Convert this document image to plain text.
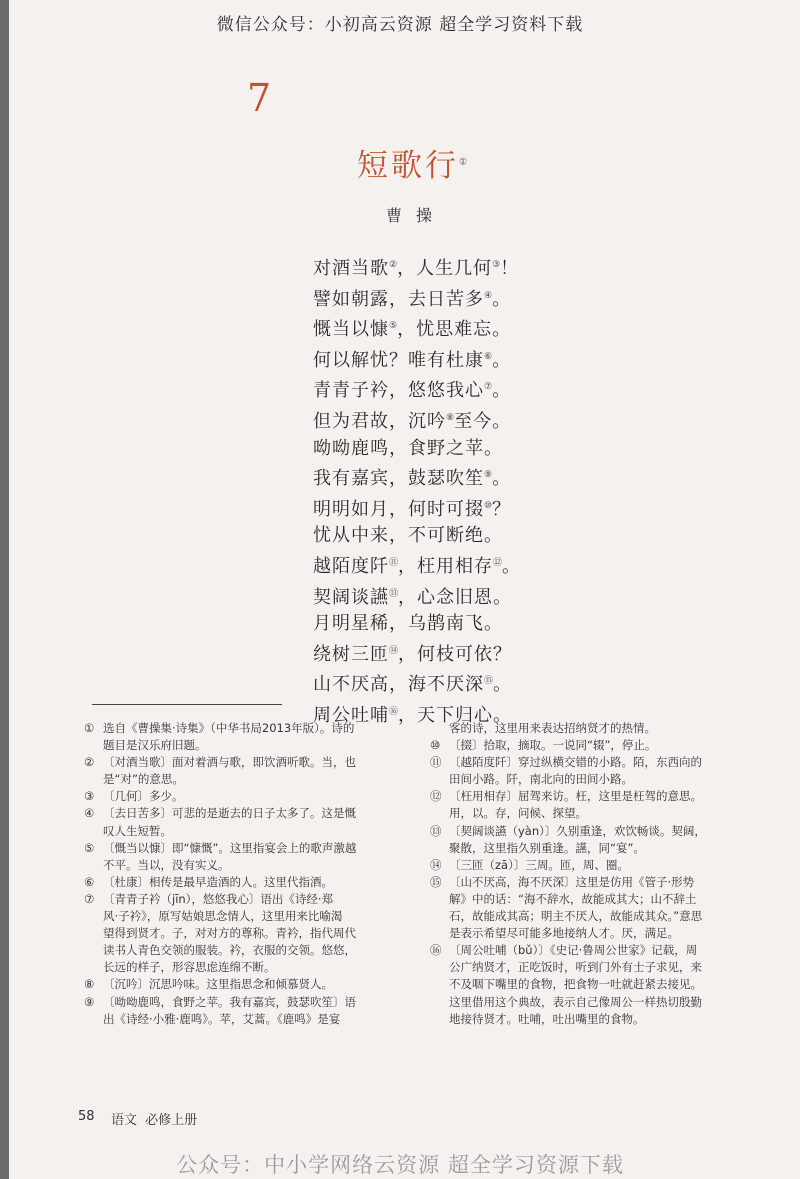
微信公众号：小初高云资源 超全学习资料下载
7
短歌行①
曹操
对酒当歌②，人生几何③！
譬如朝露，去日苦多④。
慨当以慷⑤，忧思难忘。
何以解忧？唯有杜康⑥。
青青子衿，悠悠我心⑦。
但为君故，沉吟⑧至今。
呦呦鹿鸣，食野之苹。
我有嘉宾，鼓瑟吹笙⑨。
明明如月，何时可掇⑩？
忧从中来，不可断绝。
越陌度阡⑪，枉用相存⑫。
契阔谈讌⑬，心念旧恩。
月明星稀，乌鹊南飞。
绕树三匝⑭，何枝可依？
山不厌高，海不厌深⑮。
周公吐哺⑯，天下归心。
① 选自《曹操集·诗集》（中华书局2013年版）。诗的
题目是汉乐府旧题。
② 〔对酒当歌〕面对着酒与歌，即饮酒听歌。当，也
是“对”的意思。
③ 〔几何〕多少。
④ 〔去日苦多〕可悲的是逝去的日子太多了。这是慨
叹人生短暂。
⑤ 〔慨当以慷〕即“慷慨”。这里指宴会上的歌声激越
不平。当以，没有实义。
⑥ 〔杜康〕相传是最早造酒的人。这里代指酒。
⑦ 〔青青子衿（jīn），悠悠我心〕语出《诗经·郑
风·子衿》，原写姑娘思念情人，这里用来比喻渴
望得到贤才。子，对对方的尊称。青衿，指代周代
读书人青色交领的服装。衿，衣服的交领。悠悠，
长远的样子，形容思虑连绵不断。
⑧ 〔沉吟〕沉思吟味。这里指思念和倾慕贤人。
⑨ 〔呦呦鹿鸣，食野之苹。我有嘉宾，鼓瑟吹笙〕语
出《诗经·小雅·鹿鸣》。苹，艾蒿。《鹿鸣》是宴
客的诗，这里用来表达招纳贤才的热情。
⑩ 〔掇〕拾取，摘取。一说同“辍”，停止。
⑪ 〔越陌度阡〕穿过纵横交错的小路。陌，东西向的
田间小路。阡，南北向的田间小路。
⑫ 〔枉用相存〕屈驾来访。枉，这里是枉驾的意思。
用，以。存，问候、探望。
⑬ 〔契阔谈讌（yàn）〕久别重逢，欢饮畅谈。契阔，
聚散，这里指久别重逢。讌，同“宴”。
⑭ 〔三匝（zā）〕三周。匝，周、圈。
⑮ 〔山不厌高，海不厌深〕这里是仿用《管子·形势
解》中的话：“海不辞水，故能成其大；山不辞土
石，故能成其高；明主不厌人，故能成其众。”意思
是表示希望尽可能多地接纳人才。厌，满足。
⑯ 〔周公吐哺（bǔ）〕《史记·鲁周公世家》记载，周
公广纳贤才，正吃饭时，听到门外有士子求见，来
不及咽下嘴里的食物，把食物一吐就赶紧去接见。
这里借用这个典故，表示自己像周公一样热切殷勤
地接待贤才。吐哺，吐出嘴里的食物。
58 语文 必修上册
公众号：中小学网络云资源 超全学习资源下载
